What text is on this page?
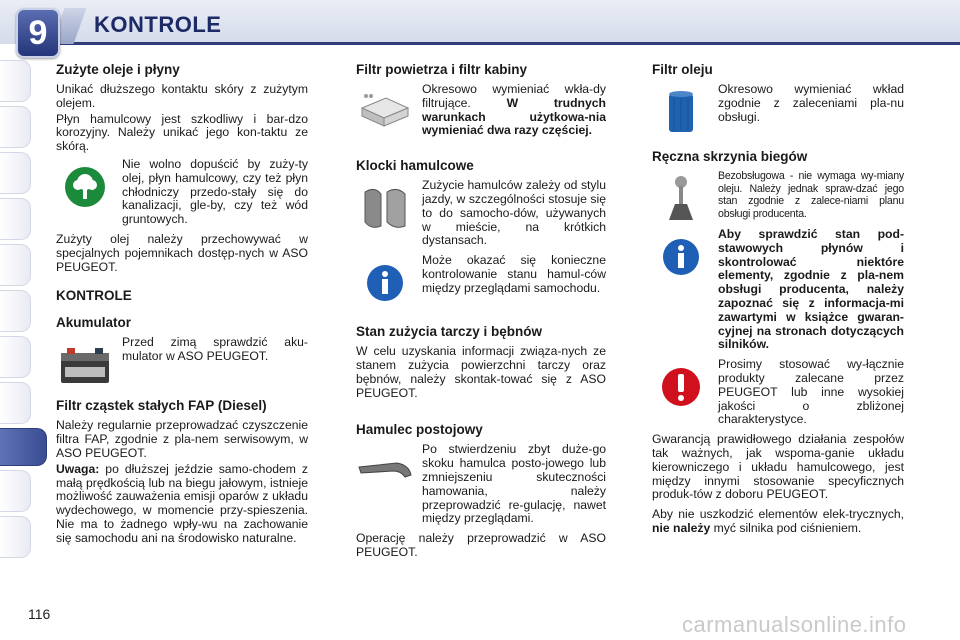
9	KONTROLE
Zużyte oleje i płyny

Unikać dłuższego kontaktu skóry z zużytym olejem.

Płyn hamulcowy jest szkodliwy i bar-dzo korozyjny. Należy unikać jego kon-taktu ze skórą.

Nie wolno dopuścić by zuży-ty olej, płyn hamulcowy, czy też płyn chłodniczy przedo-stały się do kanalizacji, gle-by, czy też wód gruntowych.

Zużyty olej należy przechowywać w specjalnych pojemnikach dostęp-nych w ASO PEUGEOT.

KONTROLE
Akumulator

Przed zimą sprawdzić aku-mulator w ASO PEUGEOT.

Filtr cząstek stałych FAP (Diesel)

Należy regularnie przeprowadzać czyszczenie filtra FAP, zgodnie z pla-nem serwisowym, w ASO PEUGEOT.

Uwaga: po dłuższej jeździe samo-chodem z małą prędkością lub na biegu jałowym, istnieje możliwość zauważenia emisji oparów z układu wydechowego, w momencie przy-spieszenia. Nie ma to żadnego wpły-wu na zachowanie się samochodu ani na środowisko naturalne.

Filtr powietrza i filtr kabiny

Okresowo wymieniać wkła-dy filtrujące. W trudnych warunkach użytkowa-nia wymieniać dwa razy częściej.

Klocki hamulcowe

Zużycie hamulców zależy od stylu jazdy, w szczególności stosuje się to do samocho-dów, używanych w mieście, na krótkich dystansach.

Może okazać się konieczne kontrolowanie stanu hamul-ców między przeglądami samochodu.

Stan zużycia tarczy i bębnów

W celu uzyskania informacji związa-nych ze stanem zużycia powierzchni tarczy oraz bębnów, należy skontak-tować się z ASO PEUGEOT.

Hamulec postojowy

Po stwierdzeniu zbyt duże-go skoku hamulca posto-jowego lub zmniejszeniu skuteczności hamowania, należy przeprowadzić re-gulację, nawet między przeglądami.

Operację należy przeprowadzić w ASO PEUGEOT.

Filtr oleju

Okresowo wymieniać wkład zgodnie z zaleceniami pla-nu obsługi.

Ręczna skrzynia biegów

Bezobsługowa - nie wymaga wy-miany oleju. Należy jednak spraw-dzać jego stan zgodnie z zalece-niami planu obsługi producenta.

Aby sprawdzić stan pod-stawowych płynów i skontrolować niektóre elementy, zgodnie z pla-nem obsługi producenta, należy zapoznać się z informacja-mi zawartymi w książce gwaran-cyjnej na stronach dotyczących silników.

Prosimy stosować wy-łącznie produkty zalecane przez PEUGEOT lub inne wysokiej jakości o zbliżonej charakterystyce.

Gwarancją prawidłowego działania zespołów tak ważnych, jak wspoma-ganie układu kierowniczego i układu hamulcowego, jest między innymi stosowanie specyficznych produk-tów z doboru PEUGEOT.

Aby nie uszkodzić elementów elek-trycznych, nie należy myć silnika pod ciśnieniem.

116	carmanualsonline.info
